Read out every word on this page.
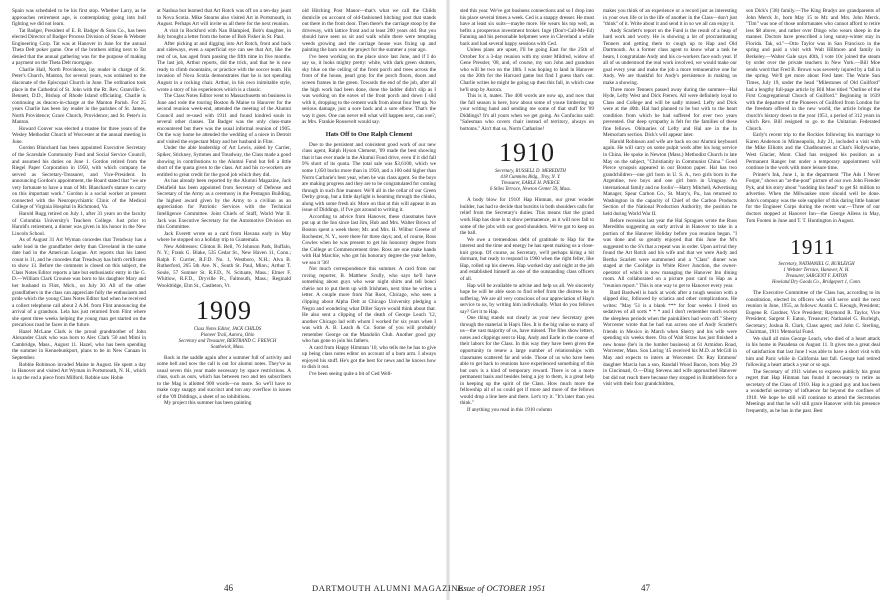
Spain was scheduled to be his first stop. Whether Larry, as he approaches retirement age, is contemplating going into bull fighting we did not learn.

Tat Badger, President of E. B. Badger & Sons Co., has been elected Director of Badger Process Division of Stone & Webster Engineering Corp. Tat was at Hanover in June for the annual Theta Delt poker game. One of the brothers sitting next to Tat denied that the annual gathering was for the purpose of making a payment on the Theta Delt mortgage.

Charlie Hall, North Providence, lay reader in charge of St. Peter's Church, Manton, for several years, was ordained to the diaconate of the Episcopal Church in June. The ordination took place in the Cathedral of St. John with the Rt. Rev. Granville G. Bennett, D.D., Bishop of Rhode Island officiating. Charlie is continuing as deacon-in-charge at the Manton Parish. For 25 years Charlie has been lay reader in the parishes of St. James, North Providence; Grace Church, Providence; and St. Peter's in Manton.

Howard Conver was elected a trustee for three years of the Wesley Methodist Church of Worcester at the annual meeting in June.

Gordon Blanchard has been appointed Executive Secretary of the Scarsdale Community Fund and Social Service Council, and assumed his duties on June 1. Gordon retired from the Riegel Paper Corporation in 1950, with which company he served as Secretary-Treasurer, and Vice-President. In announcing Gordon's appointment, the Board stated that "we are very fortunate to have a man of Mr. Blanchard's stature to carry on this important work." Gordon is a social worker at present connected with the Neuropsychiatric Clinic of the Medical College of Virginia Hospital in Richmond, Va.

Harold Rugg retired on July 1, after 31 years on the faculty of Columbia University's Teachers College. Just prior to Harold's retirement, a dinner was given in his honor in the New Lincoln School.

As of August 31 Art Wyman concedes that Treadway has a safer lead in the grandfather derby than Cleveland in the same date had in the American League. Art reports that his latest count is 11, and he concedes that Treadway has birth certificates to show 13. Before the comment is closed on this subject, the Class Notes Editor reports a late but enthusiastic entry in the G. D.—William Clark Crounse was born to his daughter Mary and her husband in Flint, Mich., on July 30. All of the other grandfathers in the class can appreciate fully the enthusiasm and pride which the young Class Notes Editor had when he received a collect telephone call about 2 A.M. from Flint announcing the arrival of a grandson. Lela has just returned from Flint where she spent three weeks helping the young man get started on the precarious road he faces in the future.

Hazel McLane Clark is the proud grandmother of John Alexander Clark who was born to Alec Clark '50 and Mimi in Cambridge, Mass., August 11. Hazel, who has been spending the summer in Kennebunkport, plans to be in New Canaan in September.

Robbie Robinson invaded Maine in August. He spent a day in Hanover and visited Art Wyman in Portsmouth, N. H., which is up the rod a piece from Milford. Robbie saw Hobie

at Nashua but learned that Art Rotch was off on a ten-day jaunt to Nova Scotia. Mike Stearns also visited Art in Portsmouth, in August. Perhaps Art will invite us all there for the next reunion.

A visit in Rockford with Nan Blampied, Bob's daughter, in July brought a letter from the home of Bob Fisher in St. Paul.

After picking at and digging into Art Rotch, front and back and sideways, even a superficial eye can see that Art, like the rest of us, has aged from passing the fifth time in five months. The last job, Arthur reports, did the trick, and that he is now ready to climb mountains, or practice with the soccer team. His invasion of Nova Scotia demonstrates that he is not spending August in a rocking chair. Arthur, in his own inimitable style, wrote a story of his experiences which is a classic.

The Class Notes Editor went to Massachusetts on business in June and rode the touring Boston & Maine to Hanover for the second reunion week-end, attended the meeting of the Alumni Council and re-used with 1911 and found kindred souls in several other classes. Tat Badger was the only class-mate encountered but there was the usual informal reunion of 1905. On the way home he attended the wedding of a niece in Detroit and visited the expectant Mary and her husband in Flint.

Under the able leadership of Art Lewis, aided by Carrier, Spiker, Stickney, Symmes and Treadway, the Class made a good showing in contributions to the Alumni Fund but fell a little short of the quota given to the class. Art and his co-workers are entitled to great credit for the good job which they did.

As has already been reported by the Alumni Magazine, Jack Delafield has been appointed from Secretary of Defense and Secretary of the Army as a ceremony in the Pentagon Building, the highest award given by the Army to a civilian as an appreciation for Patriotic Services with the Technical Intelligence Committee. Joint Chiefs of Staff, World War II. Jack was Executive Secretary for the Automotive Division on this Committee.

Jack Everett wrote us a card from Havana early in May where he stopped on a holiday trip to Guatemala.

New Addresses: Clinton B. Bell, 76 Johnson Park, Buffalo, N. Y.; Frank G. Blake, 535 Cedar St., New Haven 11, Conn.; Ralph F. Currier, R.F.D. No. 1, Westboro, N.H.; Alva B. Rutherford, 265 5th Ave. N., South St. Paul, Minn.; Arthur T. Soule, 57 Sumner St. R.F.D., N. Scituate, Mass.; Elmer F. Whitlow, R.F.D., Dryville Ft., Falmouth, Mass.; Reginald Wooldridge, Elm St., Castleton, Vt.

1909

Class Notes Editor, JACK CHILDS

Pioneer Trail, Aurora, Ohio

Secretary and Treasurer, BERTRAND C. FRENCH

Southwick, Mass.

Back in the saddle again after a summer full of activity and some hell and now the call is out for alumni notes. They've as usual seven this year made necessary by space restrictions. A class, such as ours, which has between two and ten subscribers to the Mag is allotted 900 words—no more. So we'll have to make copy snappy and succinct and ton any overflow in issues of the '09 Diddings, a sheet of no inhibitions.

My project this summer has been painting

old Hitching Post Manor—that's what we call the Childs domicile on account of old-fashioned hitching post that stands out there in the front door. Then there's the carriage stoop by the driveway, with lattice front and at least 200 years old. But you should have seen us sit and walk while there were tempting weeds growing and the carriage house was fixing up and painting the barn was the project for the summer a year ago.

I've been working on the place since last June, and if I do say so, it looks mighty pretty: white, with dark green shutters, sky blue on the ceiling of the front porch and trees across the front of the house, pearl gray for the porch floors, doors and screen frames in the green. Towards the end of the job, after all the high work had been done, done the ladder didn't slip as I was working on the eaves of the front porch and down I slid with it, dropping to the cement walk from about four feet up. No serious damage, just a sore back and a sore elbow. That's the way it goes. One can never tell what will happen next, can one?, as Mrs. Frankie Roosevelt would say.

Hats Off to One Ralph Clement

Due to the persistent and consistent good work of our new class agent, Ralph Hyson Clement, '09 made the best showing that it has ever made in the Alumni Fund drive, even if it did fall 9% short of its quota. The total sale was $3,6100, which we some 1,050 bucks more than in 1950, and a 100 odd higher than Norm Carbarie's best year, when he was class agent. So the boys are making progress and they are to be congratulated for coming through in such fine manner. We'll all in the cellar of our Green Derby group, but a little daylight is beaming through the chinks, along with some fresh air. More on that at this will appear in an issue of Diddings, if I've got around to writing it.

According to advice from Hanover, these classmates have put up at the Inn since last Jim, Hub and Mrs. Walter Brown of Boston spent a week there; Mr. and Mrs. H. Wilbur Greene of Rochester, N. Y., were there for three days; and, of course, Ross Cowles when he was present to get his honorary degree from the College at Commencement time. Ross are one make hands with Hal Marchie, who got his honorary degree the year before, we sea it '36!

Not much correspondence this summer. A card from our roving reporter, B. Matthew Scully, who says he'll have something about guys who wear night shirts and tell bonci chérie not to put them up with Irishmen, next time he writes a letter. A couple more from Nat Root, Chicago, who sees a clipping about Alpha Delt at Chicago University pledging a Negro and wondering what Diller Sayre would think about that. He also sent a clipping of the death of George Leach '12, another Chicago lad with whom I worked for six years when I was with A. B. Leach & Co. Some of you will probably remember George on the Mandolin Club. Another good guy who has gone to join his fathers.

A card from Happy Himman '10, who tells me he has to give up being class notes editor on account of a bum arm. I always enjoyed his stuff. He's got the best for news and he knows how to dish it out.

I've been seeing quite a bit of Ced Well-

sted this year. We've got business connections and so I drop into his place several times a week. Ced is a snappy dresser. He must have at least six suits—maybe more. He wears his top well, as befits a prosperous investment broker. Inge (Don't-Call-Me-Ed) Fanning and his personable helpmeet were in Cleveland a while back and had several happy sessions with Ced.

Unless plans are upset, I'll be going East for the 25th of October for a 3-day reunion with my sister Mildred, widow of Gene Pressler, '08, and, of course, my son John and grandson who will be two on the 18th. I was hoping to land in Hanover on the 20th for the Harvard game but find I guess that's out. Charlie writes he might be going up then this fall, in which case he'll stop by Aurora.

This is it, mates. The 400 words are now up, and now that the fall season is here, how about some of youse limbering up your writing hand and sending me some of that stuff for '09 Diddings? It's all yours when we get going. As Confucius said: "Salesman who covers chair instead of territory, always on bottoms." Ain't that so, Norm Catharine!

1910

Secretary, RUSSELL D. MEREDITH

418 Cummins Bldg., Troy, N. Y.

Treasurer, EARLE H. PIERCE

6 Stiles Terrace, Newton Center 59, Mass.

A body blow for 1910! Hap Hinman, our great wonder builder, has had to decide that bursitis in both shoulders calls for relief from the Secretary's duties. This means that the grand work Hap has done is to show permanence, as it will now fall to some of the jobs with our good shoulders. We've got to keep on the ball.

We owe a tremendous debt of gratitude to Hap for the interest and the time and energy he has spent making us a close-knit group. Of course, as Secretary, we'll perhaps hiring a bit dormant, but ready to respond in 1960 when the right feller, like Hap, rolled up his sleeves. Hap worked day and night at the job and established himself as one of the outstanding class officers of all.

Hap will be available to advise and help us all. We sincerely hope he will be able soon to find relief from the distress he is suffering. We are all very conscious of our appreciation of Hap's service to us, by writing him individually. What do you fellows say? Get it to Hap.

One thing stands out clearly as your new Secretary goes through the material in Hap's files. It is the big value so many of us—the vast majority of us, have missed. The files show letters, notes and clippings sent to Hap, Andy and Earle in the course of their labors for the Class. In this way they have been given the opportunity to renew a large number of relationships with classmates scattered far and wide. Those of us who have been able to get back to reunions have experienced something of this but ours is a kind of temporary reward. There is on a more permanent basis and besides being a joy to them, is a great help in keeping up the spirit of the Class. How much more the fellowship all of us could get if more and more of the fellows would drop a line here and there. Let's try it. "It's later than you think."

If anything you read in this 1910 column

makes you think of an experience or a record just as interesting in your own life or in the life of another in the Class—don't just "think" of it. Write about it and send it in so we all can enjoy it.

Andy Scarlett's report on the Fund is the result of a heap of hard work and worry. He is showing a lot of procrastinating Tenners and getting them to cough up to Hap and Old Dartmouth. As a former class agent to know what a task he bears, I congratulate Andy and his co-workers face each year. If all of us understood the real work involved, we would make our goal every year and make the job a more remunerative one for Andy. We are thankful for Andy's persistence in making us make a showing.

Three more Tenners passed away during the summer—Hal Hyde, Lefty West and Dick Fterers. All were definitely loyal to Class and College and will be sadly missed. Lefty and Dick were at the 40th. Hal had planned to be but with to the heart condition from which he had suffered for over two years prevented. Our deep sympathy is felt for the families of these fine fellows. Obituaries of Lefty and Hal are in the In Memoriam section. Dick's will appear later.

Harold Robinson and wife are back on our Alumni keyboard again. He will carry on some pulpit work after his long service in China. He spoke in Newton (Mass.) Methodist Church in late May on the subject, "Christianity in Communist China." Good Pierce synopsis appeared in our Boston paper. Hal has two grandchildren—one girl born in U. S. A., two girls born in the Argentine, two boys and one girl born in Uruguay. An international family and no foolin'—Harry Mitchell, Advertising Manager, Spear Carbon Co., St. Mary's, Pa., has returned to Washington in the capacity of Chief of the Carbon Products Section of the National Production Authority, the position he held during World War II.

Before recession last year the Hal Spragues wrote the Russ Merediths suggesting an early arrival in Hanover to take in a portion of the Hanover Holiday before you reunion began. "I was done and so greatly enjoyed that this June the M's suggested to the S's that a repeat was in order. Upon arrival they found the Art Rotch and his wife and that we were Andy and Bertha Scarlett were summoned and a "Class" dinner was staged at the Coolidge in White River Junction, the owner-operator of which is now managing the Hanover Inn dining room. All collaborated on a picture post card to Hap as a "reunion report." This is one way to get to Hanover every year.

Bard Bardwell is back at work after a tough session with a slipped disc, followed by sciatica and other complications. He writes: "May '51 is a blank *** for four weeks I lived on sedatives of all sorts * * * and I don't remember much except the sleepless periods when the painkillers had worn off." Sherry Worcester wrote that he had run across one of Andy Scarlett's friends in Mexico in March when Sherry and his wife were spending six weeks there. Ora of Wait Straw has just finished a new house (he's in the lumber business) at 61 Armidon Road, Worcester, Mass. Son Loring '45 received his M.D. at McGill in May and expects to intern at Worcester. Dr. Ray Emmons' daughter Marcia has a son, Randall Wood Bacon, born May 29 in Cincinnati, O.—Ding Stevens and wife approached Hanover but did not reach there because they stopped in Brattleboro for a visit with their four grandchildren,

son Dick's ('38) family.—The King Bradys are grandparents of John Merck Jr., born May 15 to Mr. and Mrs. John Merck. "Tim" was one of those unfortunates who cannot afford to retire less $8 above, and rather over Dingo who wears sheep in the manner. Doctors have prescribed a long sunny-winter stay in Florida. Tak, sd."—Otto Taylor was in San Francisco in the spring and paid a visit with Walt Hillmore and family in Berkeley.—Walter Gale says 40th, I vote 10c joined the steam by order over the private teachers in New York.—Bill Moe sends word that Fred B. Brown was severely injured by a fall in the spring. We'll get more about Fred later. The Warie Sun Times, July 19, under the head "Milestones of Old Guilford" had a lengthy full-page article by Bill Moe titled "Outline of the First Congregational Church of Guilford." Beginning in 1639 with the departure of the Pioneers of Guilford from London for the freedom offered in the new world, the article brings the church's history down to the year 1951, a period of 312 years in which Rev. Bill resigned to go to the Unitarian Federated Church.

Early's recent trip to the Rockies following his marriage to Karen Anderson in Minneapolis, July 21, included a visit with the Mike Elliotts and the Chadbournes at Chat's Hollywarne, West Glacier, Mont. Chad has resigned his position as a Permanent Ranger but under a temporary appointment will continue in the work with more leisure time.

Printer's Ink, June 1, in the department "The Ads I Never Forgot," shows an "at-the-post" picture of our own John Fiender Pyk, and his story about "nodding his head" to get $1 million to advertise. When the Milwaukee store should well be done. John's company was the sole supplier of this daring little banner for the Engineer Corps during the recent war.—Three of our doctors stopped at Hanover Inn—the George Allens in May, Tom Footen in June and T. T. Huntington in August.

1911

Secretary, NATHANIEL G. BURLEIGH

1 Webster Terrace, Hanover, N. H.

Treasurer, SARGENT F. EATON

Howland Dry Goods Co., Bridgeport 1, Conn.

The Executive Committee of the Class has, according to its constitution, elected its officers who will serve until the next reunion in June, 1955, as follows: Austin C. Keough, President; Eugene R. Gardner, Vice President; Raymond R. Taylor, Vice President; Sargent F. Eaton, Treasurer; Nathaniel G. Burleigh, Secretary; Joshua R. Clark, Class agent; and John C. Sterling, Chairman, 1911 Memorial Fund.

We shall all miss George Leach, who died of a heart attack in his home in Pasadena on August 11. It gives me a great deal of satisfaction that last June I was able to have a short visit with him and Paric while in California last fall. George had retired following a heart attack a year or so ago.

The Secretary of 1911 wishes to express publicly his great regret that Hap Hinman has found it necessary to retire as secretary of the Class of 1910. Hap is a grand guy and has been a wonderful secretary of influence far beyond the confines of 1910. We hope he still will continue to attend the Secretaries Meetings and that he will still grace Hanover with his presence frequently, as he has in the past. Best

46	DARTMOUTH ALUMNI MAGAZINE
Issue of OCTOBER 1951	47
